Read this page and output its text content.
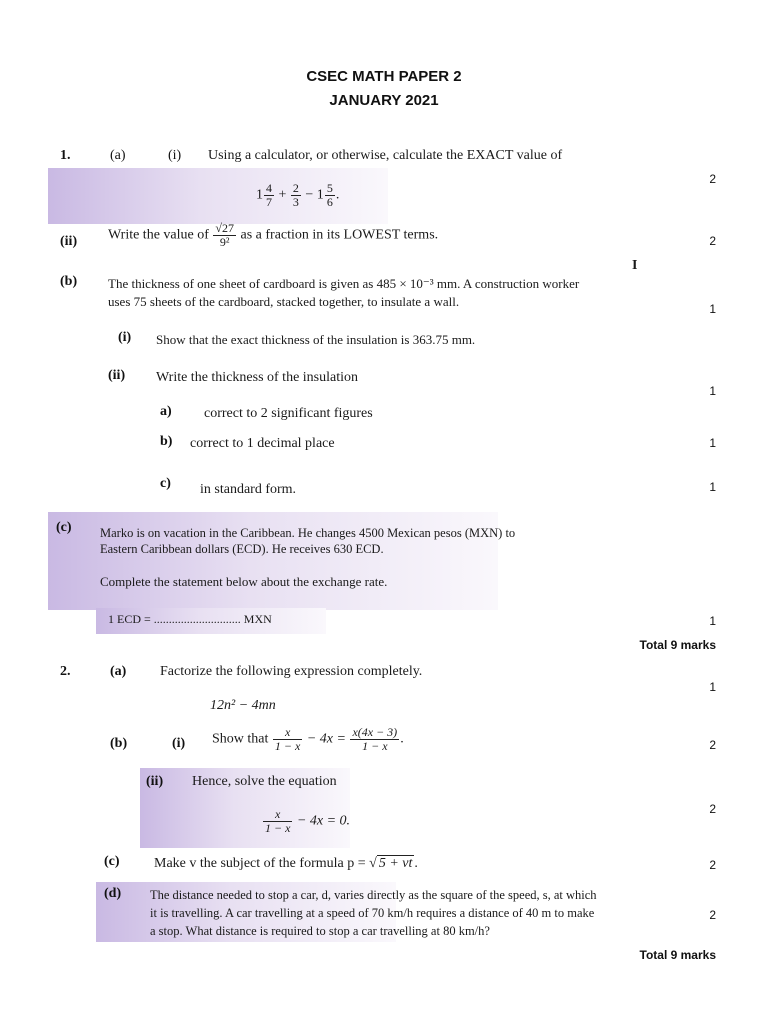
CSEC MATH PAPER 2
JANUARY 2021
1.	(a)	(i) Using a calculator, or otherwise, calculate the EXACT value of
$1 \frac{4}{7} + \frac{2}{3} - 1 \frac{5}{6}$ .
2
(ii) Write the value of $\frac{√27}{\text{9²}}$ as a fraction in its LOWEST terms.	2
I
(b) The thickness of one sheet of cardboard is given as 485 × 10⁻³ mm. A construction worker
uses 75 sheets of the cardboard, stacked together, to insulate a wall.	1
(i) Show that the exact thickness of the insulation is 363.75 mm.
(ii) Write the thickness of the insulation
1
a) correct to 2 significant figures
b) correct to 1 decimal place	1
c) in standard form.	1
(c) Marko is on vacation in the Caribbean. He changes 4500 Mexican pesos (MXN) to
Eastern Caribbean dollars (ECD). He receives 630 ECD.
Complete the statement below about the exchange rate.
1 ECD = ............................. MXN	1
Total 9 marks
2.	(a) Factorize the following expression completely.
1
12n² − 4mn
(b)	(i) Show that $\frac{x}{1 - x} - 4x = \frac{x(4x - 3)}{1 - x}$ .	2
(ii) Hence, solve the equation
2
$\frac{x}{1 - x} - 4x = 0$.
(c) Make v the subject of the formula p = √ 5 + vt .	2
(d) The distance needed to stop a car, d, varies directly as the square of the speed, s, at which
it is travelling. A car travelling at a speed of 70 km/h requires a distance of 40 m to make
a stop. What distance is required to stop a car travelling at 80 km/h?
2
Total 9 marks
